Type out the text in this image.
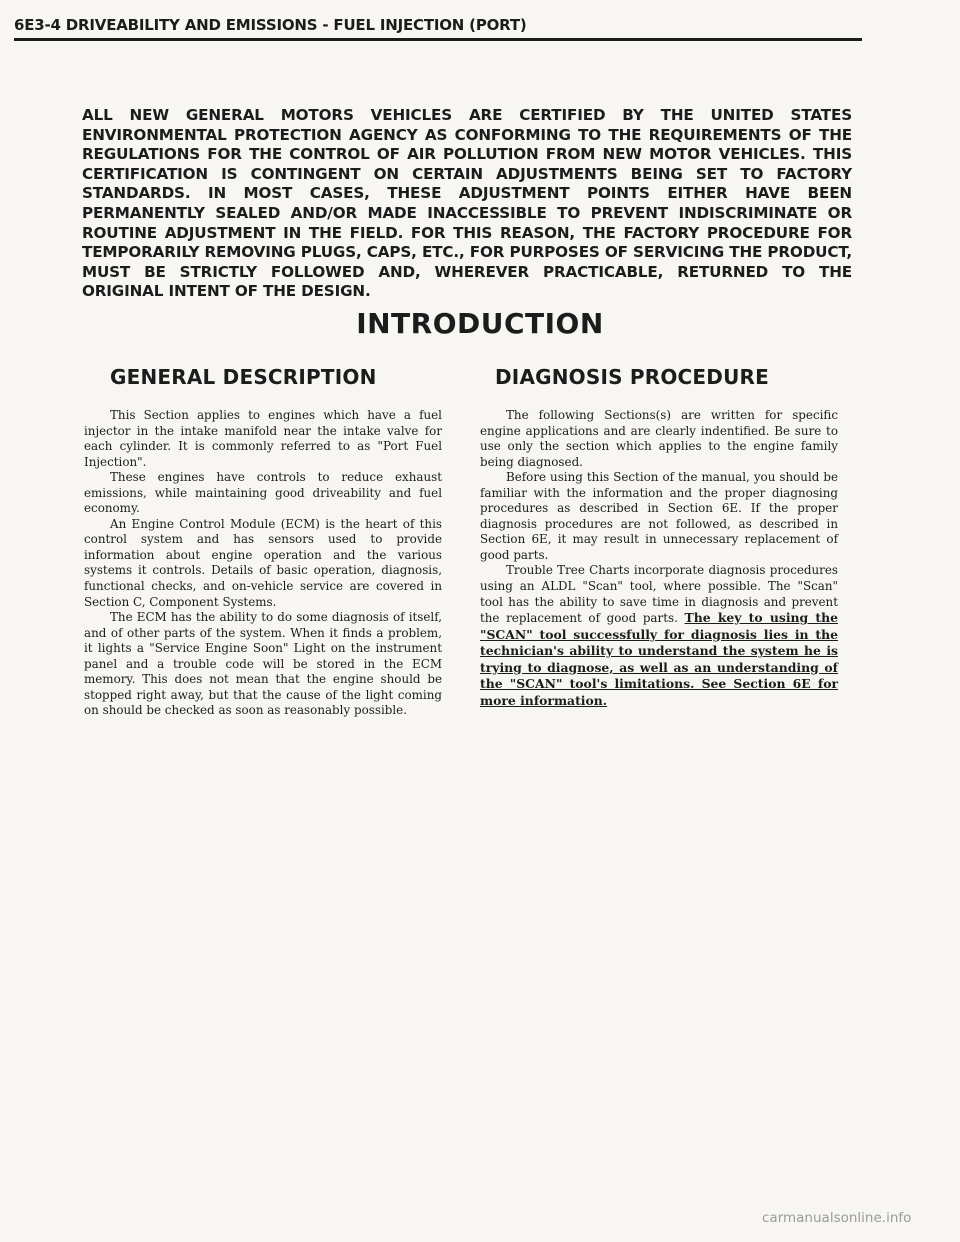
6E3-4 DRIVEABILITY AND EMISSIONS - FUEL INJECTION (PORT)
ALL NEW GENERAL MOTORS VEHICLES ARE CERTIFIED BY THE UNITED STATES ENVIRONMENTAL PROTECTION AGENCY AS CONFORMING TO THE REQUIREMENTS OF THE REGULATIONS FOR THE CONTROL OF AIR POLLUTION FROM NEW MOTOR VEHICLES. THIS CERTIFICATION IS CONTINGENT ON CERTAIN ADJUSTMENTS BEING SET TO FACTORY STANDARDS. IN MOST CASES, THESE ADJUSTMENT POINTS EITHER HAVE BEEN PERMANENTLY SEALED AND/OR MADE INACCESSIBLE TO PREVENT INDISCRIMINATE OR ROUTINE ADJUSTMENT IN THE FIELD. FOR THIS REASON, THE FACTORY PROCEDURE FOR TEMPORARILY REMOVING PLUGS, CAPS, ETC., FOR PURPOSES OF SERVICING THE PRODUCT, MUST BE STRICTLY FOLLOWED AND, WHEREVER PRACTICABLE, RETURNED TO THE ORIGINAL INTENT OF THE DESIGN.
INTRODUCTION
GENERAL DESCRIPTION	DIAGNOSIS PROCEDURE

This Section applies to engines which have a fuel injector in the intake manifold near the intake valve for each cylinder. It is commonly referred to as "Port Fuel Injection".

These engines have controls to reduce exhaust emissions, while maintaining good driveability and fuel economy.

An Engine Control Module (ECM) is the heart of this control system and has sensors used to provide information about engine operation and the various systems it controls. Details of basic operation, diagnosis, functional checks, and on-vehicle service are covered in Section C, Component Systems.

The ECM has the ability to do some diagnosis of itself, and of other parts of the system. When it finds a problem, it lights a "Service Engine Soon" Light on the instrument panel and a trouble code will be stored in the ECM memory. This does not mean that the engine should be stopped right away, but that the cause of the light coming on should be checked as soon as reasonably possible.

The following Sections(s) are written for specific engine applications and are clearly indentified. Be sure to use only the section which applies to the engine family being diagnosed.

Before using this Section of the manual, you should be familiar with the information and the proper diagnosing procedures as described in Section 6E. If the proper diagnosis procedures are not followed, as described in Section 6E, it may result in unnecessary replacement of good parts.

Trouble Tree Charts incorporate diagnosis procedures using an ALDL "Scan" tool, where possible. The "Scan" tool has the ability to save time in diagnosis and prevent the replacement of good parts. The key to using the "SCAN" tool successfully for diagnosis lies in the technician's ability to understand the system he is trying to diagnose, as well as an understanding of the "SCAN" tool's limitations. See Section 6E for more information.

carmanualsonline.info
